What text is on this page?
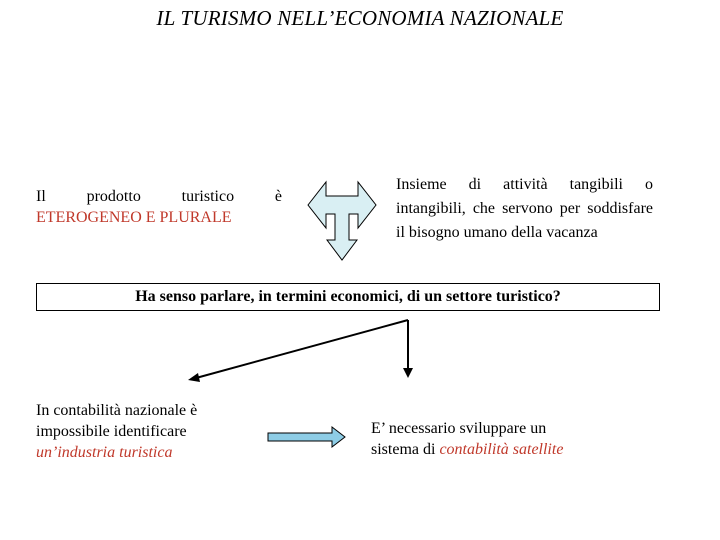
IL TURISMO NELL’ECONOMIA NAZIONALE
Il	prodotto	turistico	è
ETEROGENEO E PLURALE
Insieme di attività tangibili o intangibili, che servono per soddisfare il bisogno umano della vacanza
Ha senso parlare, in termini economici, di un settore turistico?
In contabilità nazionale è
impossibile identificare
un’industria turistica
E’ necessario sviluppare un
sistema di contabilità satellite
